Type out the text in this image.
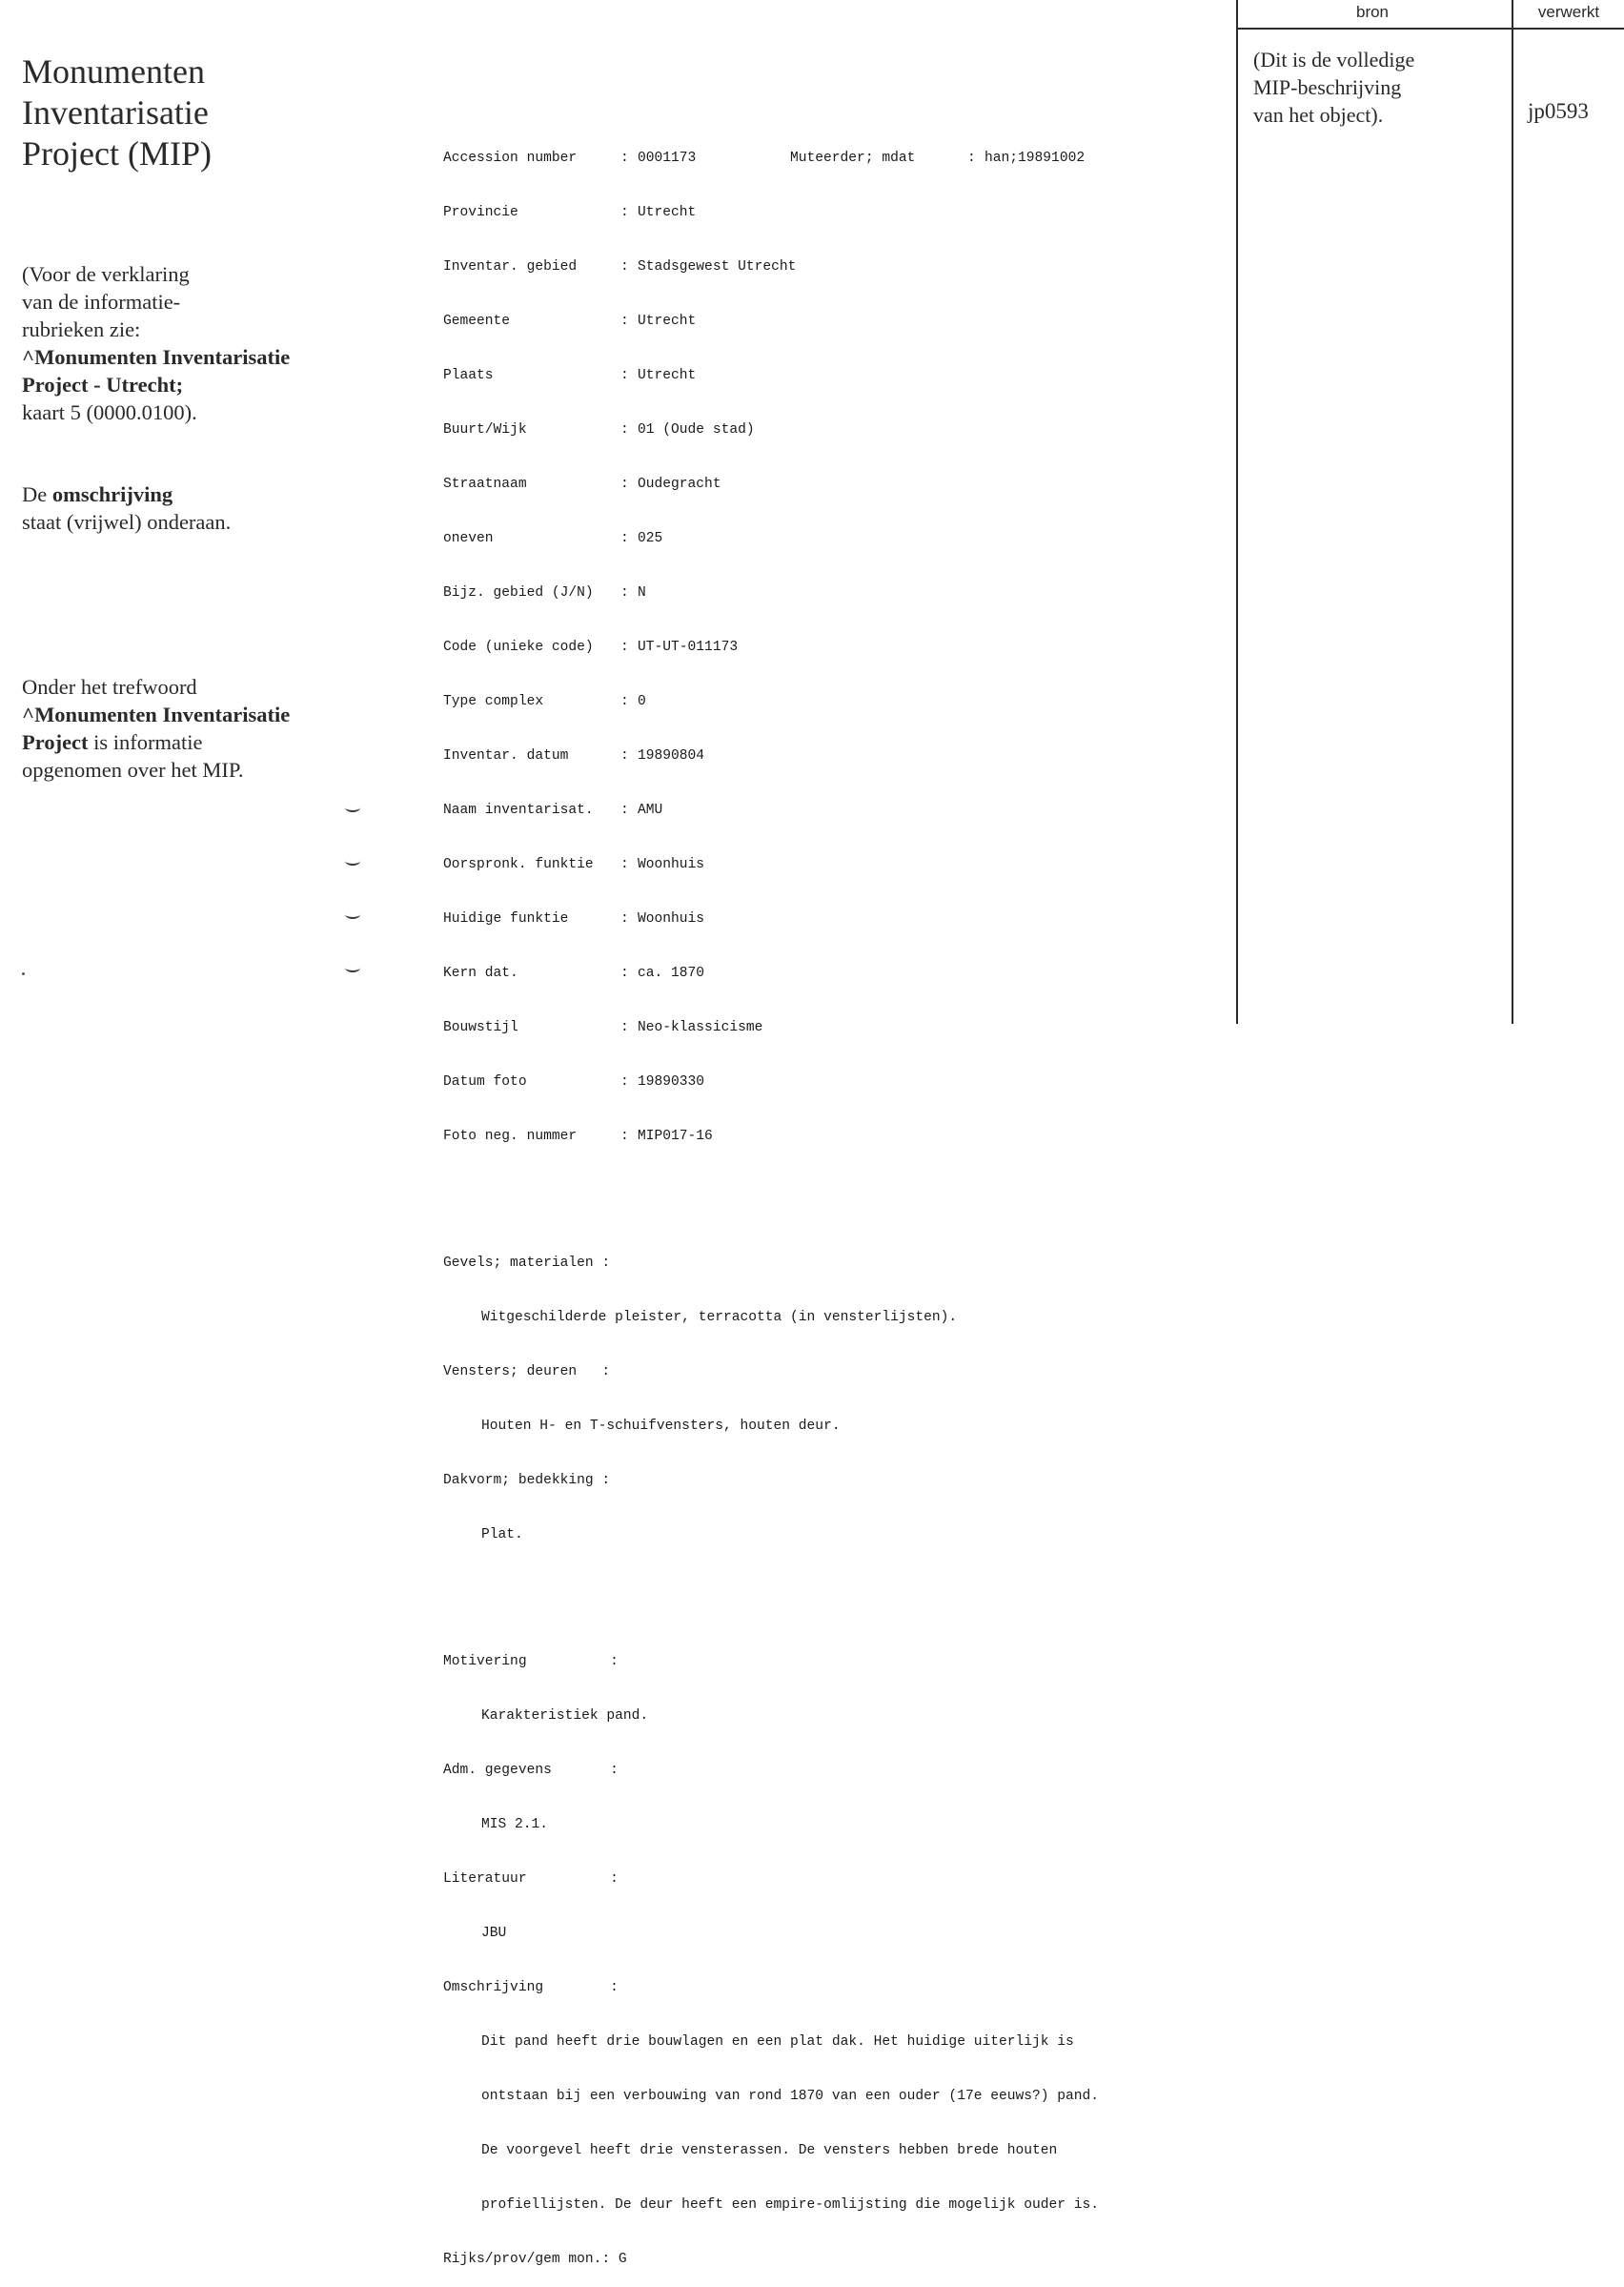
Monumenten
Inventarisatie
Project (MIP)
(Voor de verklaring
van de informatie-
rubrieken zie:
^Monumenten Inventarisatie
Project - Utrecht;
kaart 5 (0000.0100).
De omschrijving
staat (vrijwel) onderaan.
Onder het trefwoord
^Monumenten Inventarisatie
Project is informatie
opgenomen over het MIP.

Accession number	: 0001173	Muteerder; mdat	: han;19891002

Provincie	: Utrecht

Inventar. gebied	: Stadsgewest Utrecht

Gemeente	: Utrecht

Plaats	: Utrecht

Buurt/Wijk	: 01 (Oude stad)

Straatnaam	: Oudegracht

oneven	: 025

Bijz. gebied (J/N) : N

Code (unieke code) : UT-UT-011173

Type complex	: 0

Inventar. datum	: 19890804

Naam inventarisat. : AMU

Oorspronk. funktie : Woonhuis

Huidige funktie	: Woonhuis

Kern dat.	: ca. 1870

Bouwstijl	: Neo-klassicisme

Datum foto	: 19890330

Foto neg. nummer	: MIP017-16

Gevels; materialen :

Witgeschilderde pleister, terracotta (in vensterlijsten).

Vensters; deuren   :

Houten H- en T-schuifvensters, houten deur.

Dakvorm; bedekking :

Plat.

Motivering          :

Karakteristiek pand.

Adm. gegevens       :

MIS 2.1.

Literatuur          :

JBU

Omschrijving        :

Dit pand heeft drie bouwlagen en een plat dak. Het huidige uiterlijk is

ontstaan bij een verbouwing van rond 1870 van een ouder (17e eeuws?) pand.

De voorgevel heeft drie vensterassen. De vensters hebben brede houten

profiellijsten. De deur heeft een empire-omlijsting die mogelijk ouder is.

Rijks/prov/gem mon.: G

bron	verwerkt
(Dit is de volledige
MIP-beschrijving
van het object).	jp0593
